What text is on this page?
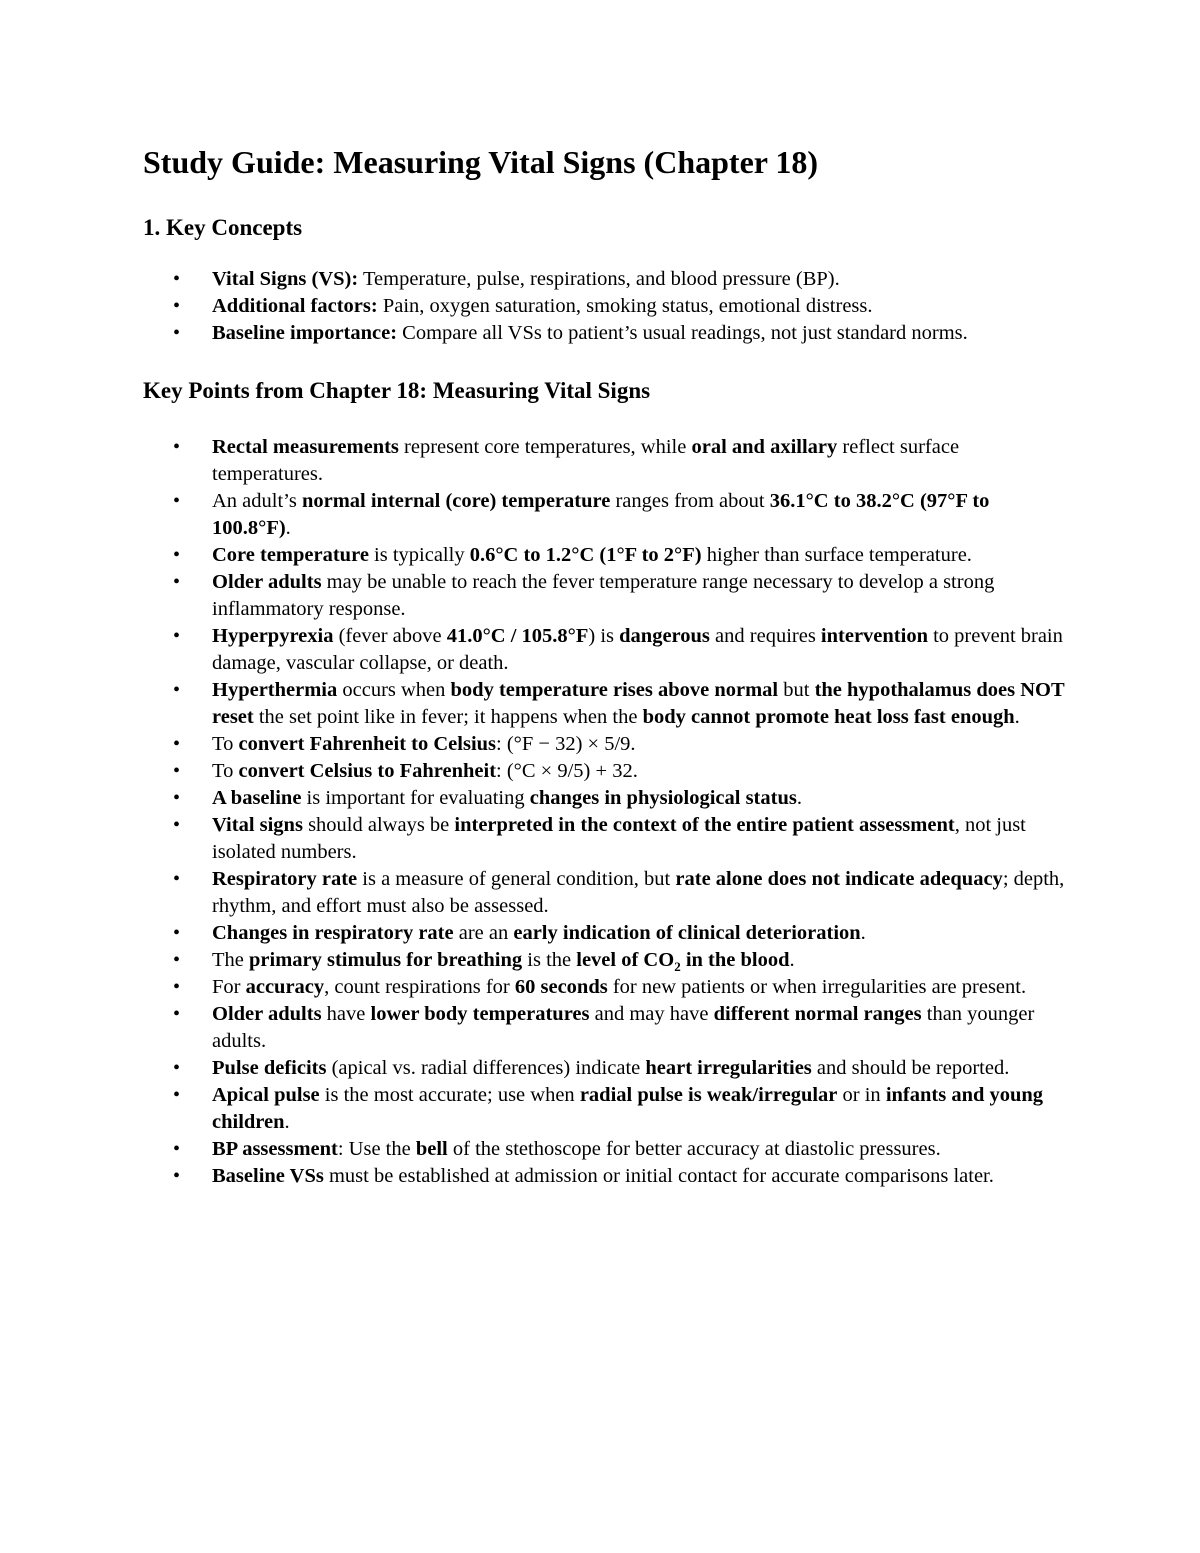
Study Guide: Measuring Vital Signs (Chapter 18)
1. Key Concepts
• Vital Signs (VS): Temperature, pulse, respirations, and blood pressure (BP).
• Additional factors: Pain, oxygen saturation, smoking status, emotional distress.
• Baseline importance: Compare all VSs to patient’s usual readings, not just standard norms.
Key Points from Chapter 18: Measuring Vital Signs
• Rectal measurements represent core temperatures, while oral and axillary reflect surface temperatures.
• An adult’s normal internal (core) temperature ranges from about 36.1°C to 38.2°C (97°F to 100.8°F).
• Core temperature is typically 0.6°C to 1.2°C (1°F to 2°F) higher than surface temperature.
• Older adults may be unable to reach the fever temperature range necessary to develop a strong inflammatory response.
• Hyperpyrexia (fever above 41.0°C / 105.8°F) is dangerous and requires intervention to prevent brain damage, vascular collapse, or death.
• Hyperthermia occurs when body temperature rises above normal but the hypothalamus does NOT reset the set point like in fever; it happens when the body cannot promote heat loss fast enough.
• To convert Fahrenheit to Celsius: (°F − 32) × 5/9.
• To convert Celsius to Fahrenheit: (°C × 9/5) + 32.
• A baseline is important for evaluating changes in physiological status.
• Vital signs should always be interpreted in the context of the entire patient assessment, not just isolated numbers.
• Respiratory rate is a measure of general condition, but rate alone does not indicate adequacy; depth, rhythm, and effort must also be assessed.
• Changes in respiratory rate are an early indication of clinical deterioration.
• The primary stimulus for breathing is the level of $CO_2$ in the blood.
• For accuracy, count respirations for 60 seconds for new patients or when irregularities are present.
• Older adults have lower body temperatures and may have different normal ranges than younger adults.
• Pulse deficits (apical vs. radial differences) indicate heart irregularities and should be reported.
• Apical pulse is the most accurate; use when radial pulse is weak/irregular or in infants and young children.
• BP assessment: Use the bell of the stethoscope for better accuracy at diastolic pressures.
• Baseline VSs must be established at admission or initial contact for accurate comparisons later.
